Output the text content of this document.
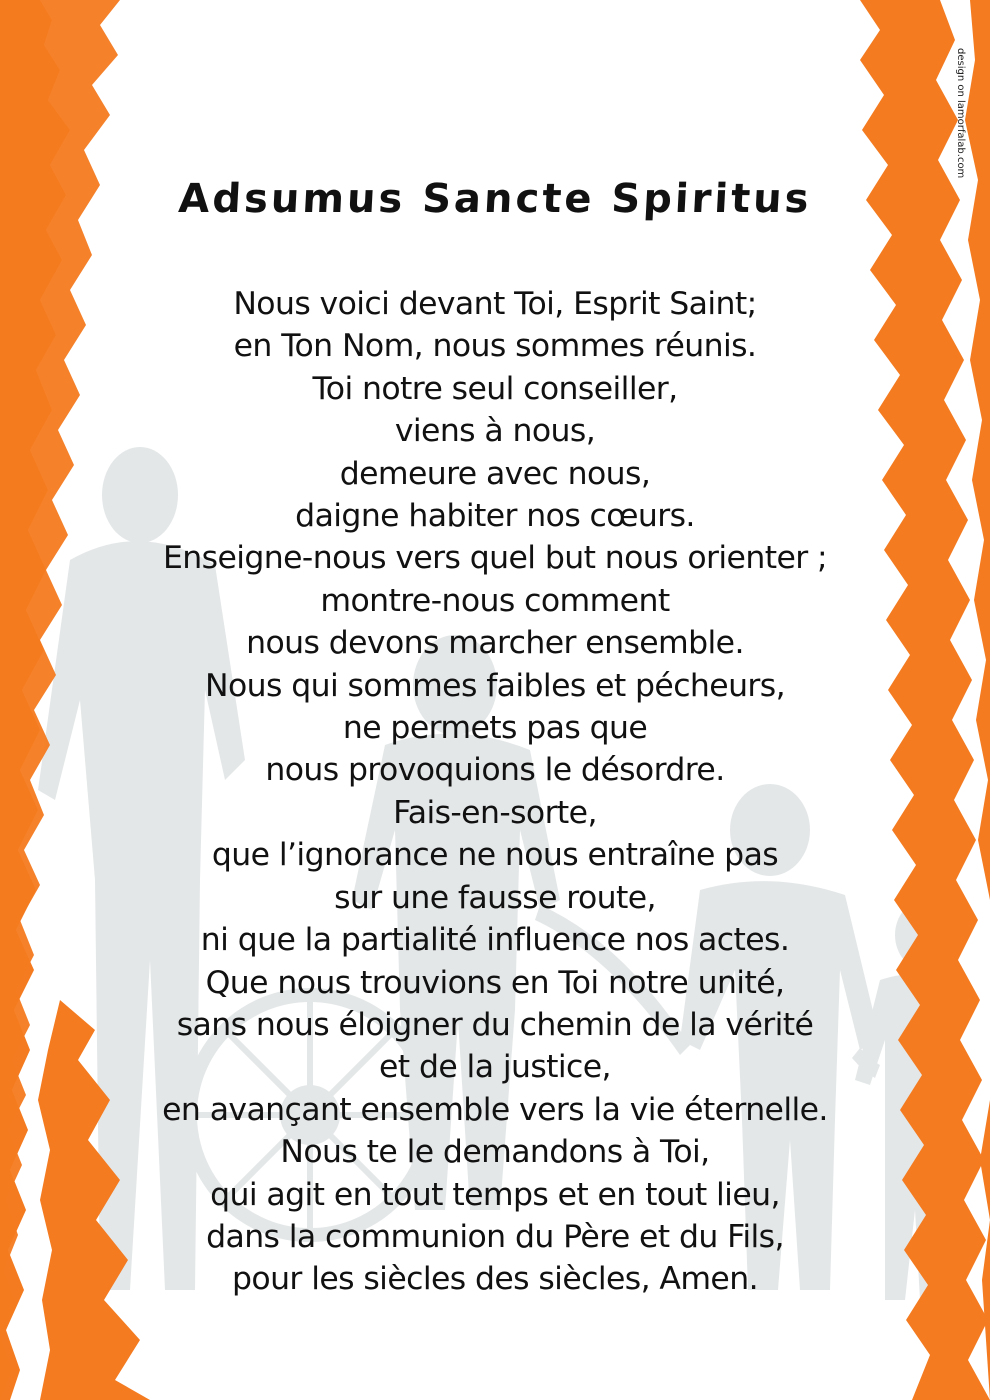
Adsumus Sancte Spiritus
Nous voici devant Toi, Esprit Saint;
en Ton Nom, nous sommes réunis.
Toi notre seul conseiller,
viens à nous,
demeure avec nous,
daigne habiter nos cœurs.
Enseigne-nous vers quel but nous orienter ;
montre-nous comment
nous devons marcher ensemble.
Nous qui sommes faibles et pécheurs,
ne permets pas que
nous provoquions le désordre.
Fais-en-sorte,
que l’ignorance ne nous entraîne pas
sur une fausse route,
ni que la partialité influence nos actes.
Que nous trouvions en Toi notre unité,
sans nous éloigner du chemin de la vérité
et de la justice,
en avançant ensemble vers la vie éternelle.
Nous te le demandons à Toi,
qui agit en tout temps et en tout lieu,
dans la communion du Père et du Fils,
pour les siècles des siècles, Amen.
design on lamorfalab.com
